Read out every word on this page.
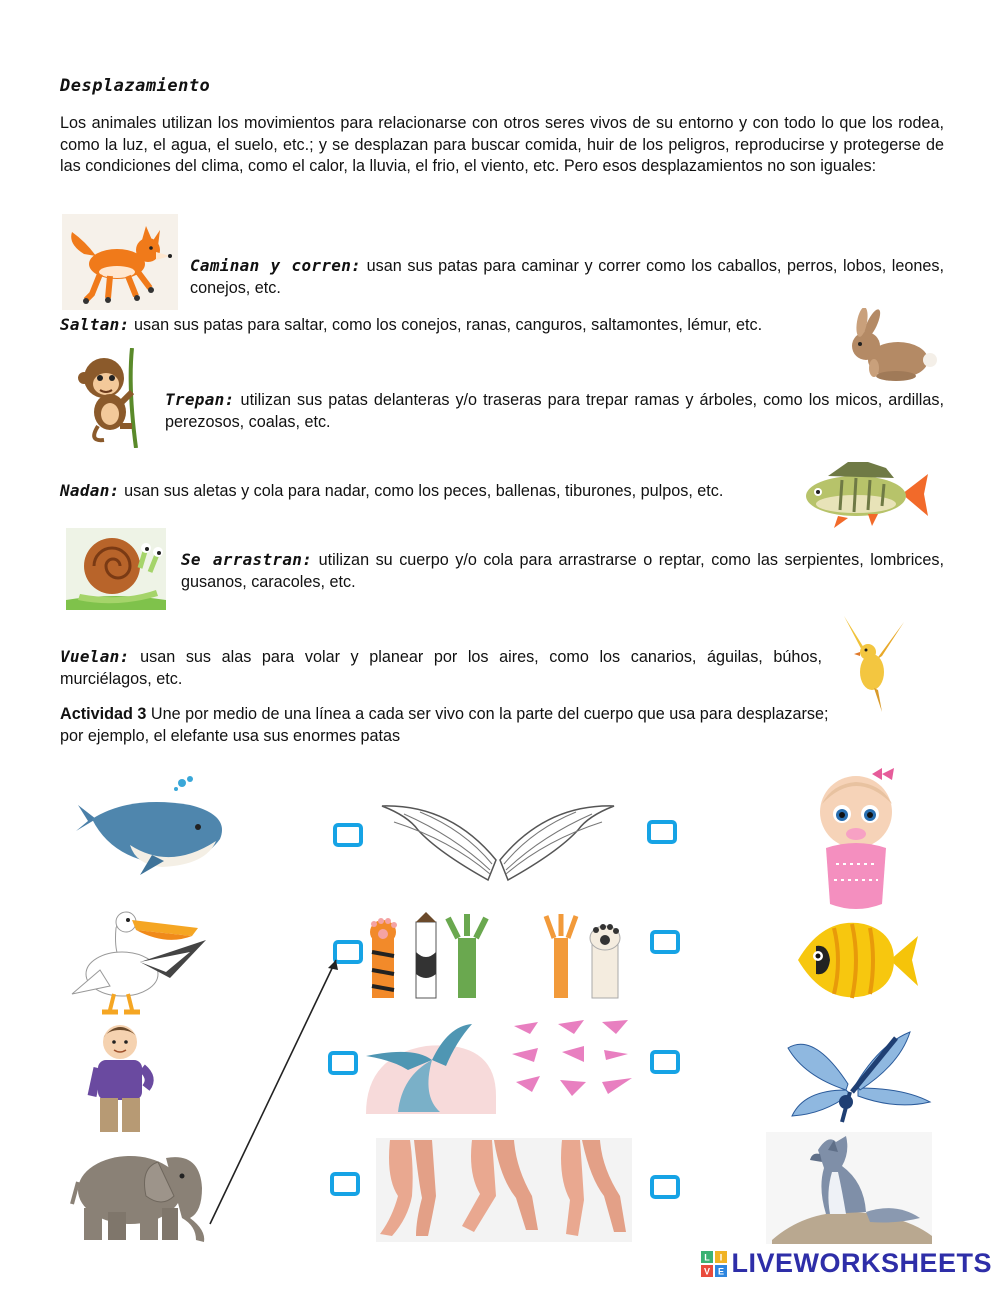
Desplazamiento
Los animales utilizan los movimientos para relacionarse con otros seres vivos de su entorno y con todo lo que los rodea, como la luz, el agua, el suelo, etc.; y se desplazan para buscar comida, huir de los peligros, reproducirse y protegerse de las condiciones del clima, como el calor, la lluvia, el frio, el viento, etc. Pero esos desplazamientos no son iguales:
Caminan y corren: usan sus patas para caminar y correr como los caballos, perros, lobos, leones, conejos, etc.
Saltan: usan sus patas para saltar, como los conejos, ranas, canguros, saltamontes, lémur, etc.
Trepan: utilizan sus patas delanteras y/o traseras para trepar ramas y árboles, como los micos, ardillas, perezosos, coalas, etc.
Nadan: usan sus aletas y cola para nadar, como los peces, ballenas, tiburones, pulpos, etc.
Se arrastran: utilizan su cuerpo y/o cola para arrastrarse o reptar, como las serpientes, lombrices, gusanos, caracoles, etc.
Vuelan: usan sus alas para volar y planear por los aires, como los canarios, águilas, búhos, murciélagos, etc.
Actividad 3 Une por medio de una línea a cada ser vivo con la parte del cuerpo que usa para desplazarse; por ejemplo, el elefante usa sus enormes patas
L I
V E LIVEWORKSHEETS
